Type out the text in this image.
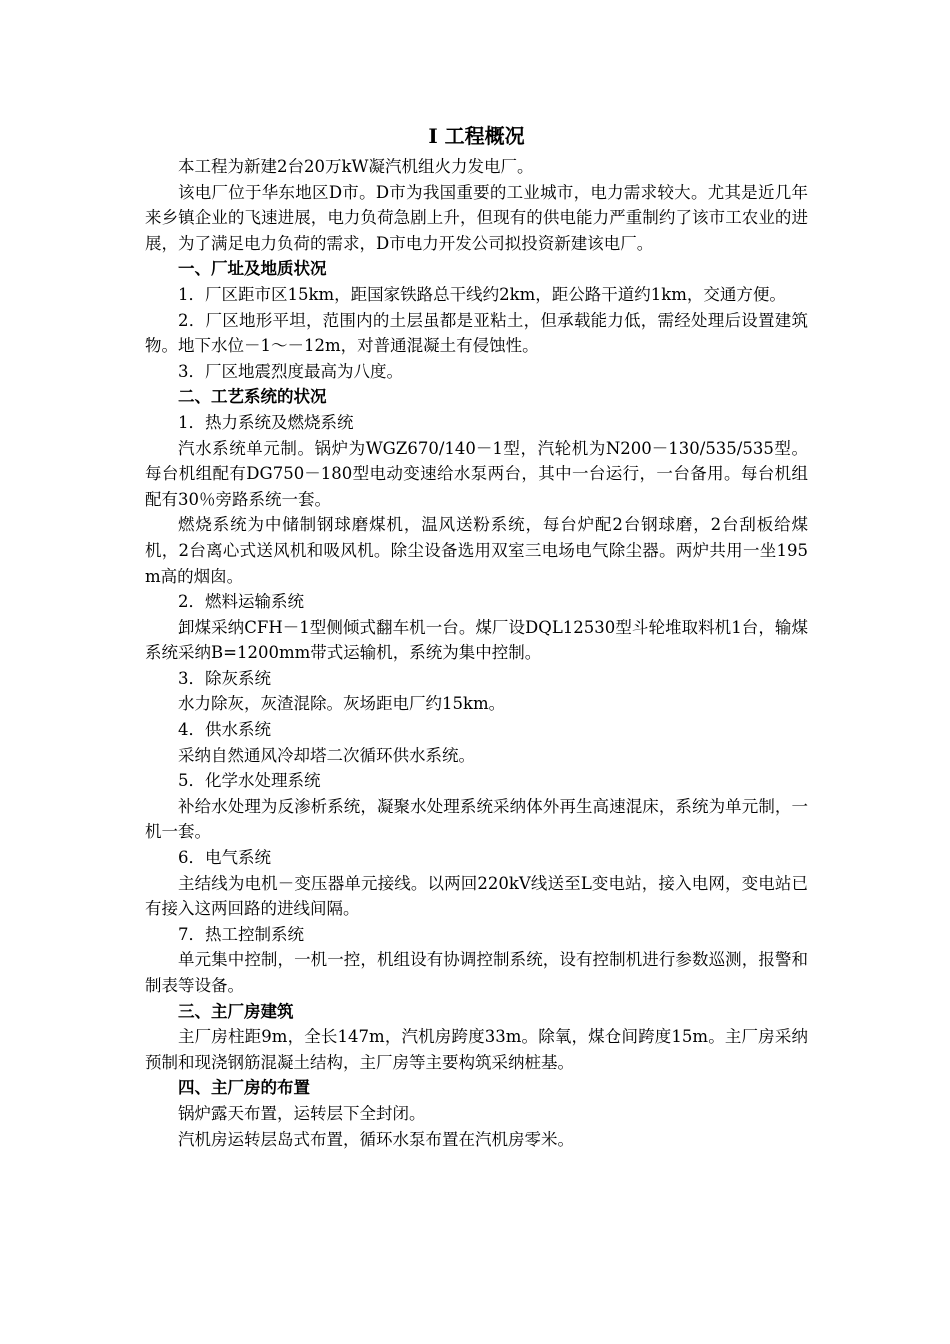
Ⅰ 工程概况

本工程为新建2台20万kW凝汽机组火力发电厂。

该电厂位于华东地区D市。D市为我国重要的工业城市，电力需求较大。尤其是近几年来乡镇企业的飞速进展，电力负荷急剧上升，但现有的供电能力严重制约了该市工农业的进展，为了满足电力负荷的需求，D市电力开发公司拟投资新建该电厂。

一、厂址及地质状况

1．厂区距市区15km，距国家铁路总干线约2km，距公路干道约1km，交通方便。

2．厂区地形平坦，范围内的土层虽都是亚粘土，但承载能力低，需经处理后设置建筑物。地下水位－1～－12m，对普通混凝土有侵蚀性。

3．厂区地震烈度最高为八度。

二、工艺系统的状况

1．热力系统及燃烧系统

汽水系统单元制。锅炉为WGZ670/140－1型，汽轮机为N200－130/535/535型。每台机组配有DG750－180型电动变速给水泵两台，其中一台运行，一台备用。每台机组配有30％旁路系统一套。

燃烧系统为中储制钢球磨煤机，温风送粉系统，每台炉配2台钢球磨，2台刮板给煤机，2台离心式送风机和吸风机。除尘设备选用双室三电场电气除尘器。两炉共用一坐195m高的烟囱。

2．燃料运输系统

卸煤采纳CFH－1型侧倾式翻车机一台。煤厂设DQL12530型斗轮堆取料机1台，输煤系统采纳B=1200mm带式运输机，系统为集中控制。

3．除灰系统

水力除灰，灰渣混除。灰场距电厂约15km。

4．供水系统

采纳自然通风冷却塔二次循环供水系统。

5．化学水处理系统

补给水处理为反渗析系统，凝聚水处理系统采纳体外再生高速混床，系统为单元制，一机一套。

6．电气系统

主结线为电机－变压器单元接线。以两回220kV线送至L变电站，接入电网，变电站已有接入这两回路的进线间隔。

7．热工控制系统

单元集中控制，一机一控，机组设有协调控制系统，设有控制机进行参数巡测，报警和制表等设备。

三、主厂房建筑

主厂房柱距9m，全长147m，汽机房跨度33m。除氧，煤仓间跨度15m。主厂房采纳预制和现浇钢筋混凝土结构，主厂房等主要构筑采纳桩基。

四、主厂房的布置

锅炉露天布置，运转层下全封闭。

汽机房运转层岛式布置，循环水泵布置在汽机房零米。
